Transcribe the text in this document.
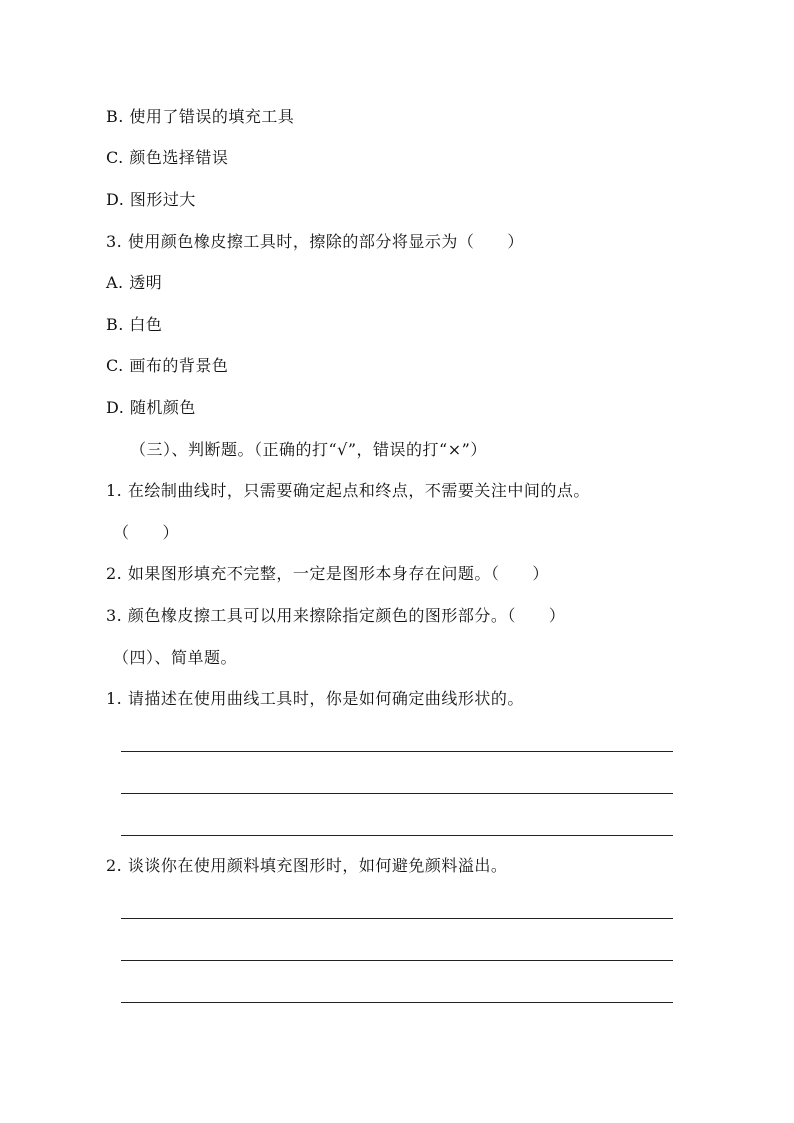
B. 使用了错误的填充工具
C. 颜色选择错误
D. 图形过大
3. 使用颜色橡皮擦工具时，擦除的部分将显示为（　　）
A. 透明
B. 白色
C. 画布的背景色
D. 随机颜色
（三）、判断题。（正确的打“√”，错误的打“×”）
1. 在绘制曲线时，只需要确定起点和终点，不需要关注中间的点。
（　　）
2. 如果图形填充不完整，一定是图形本身存在问题。（　　）
3. 颜色橡皮擦工具可以用来擦除指定颜色的图形部分。（　　）
（四）、简单题。
1. 请描述在使用曲线工具时，你是如何确定曲线形状的。
2. 谈谈你在使用颜料填充图形时，如何避免颜料溢出。
